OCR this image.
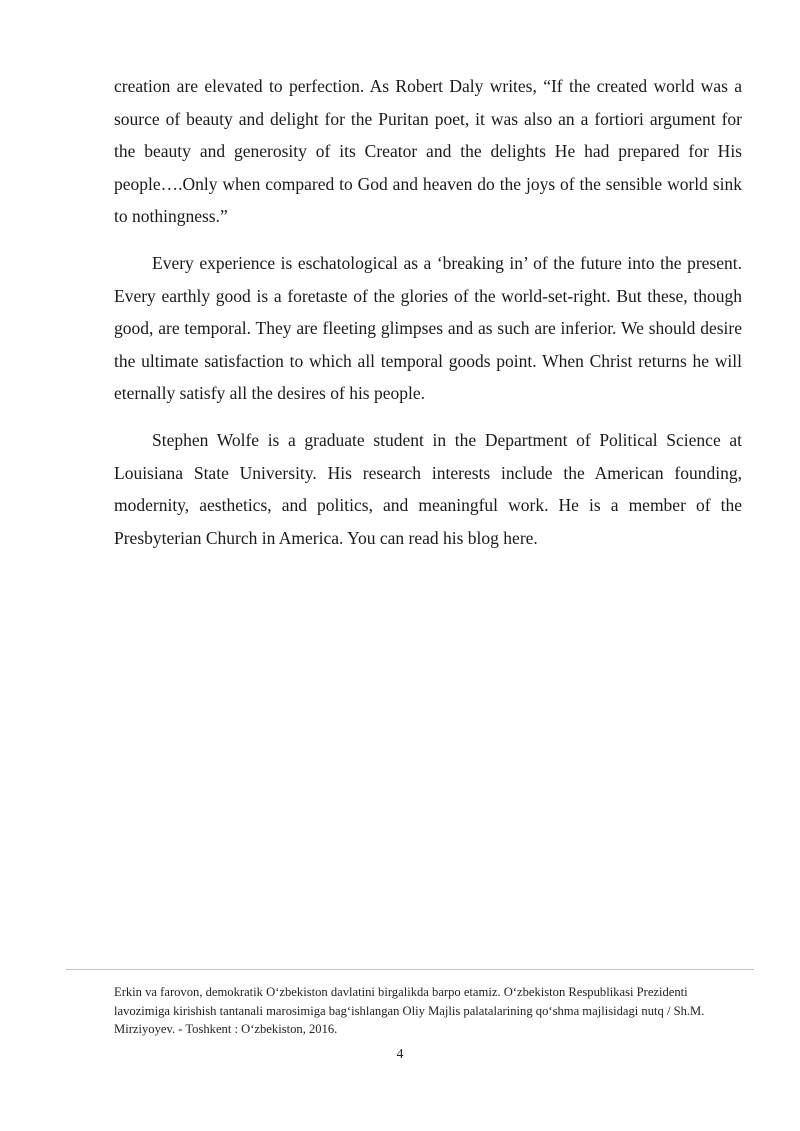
creation are elevated to perfection. As Robert Daly writes, “If the created world was a source of beauty and delight for the Puritan poet, it was also an a fortiori argument for the beauty and generosity of its Creator and the delights He had prepared for His people….Only when compared to God and heaven do the joys of the sensible world sink to nothingness.”

Every experience is eschatological as a ‘breaking in’ of the future into the present. Every earthly good is a foretaste of the glories of the world-set-right. But these, though good, are temporal. They are fleeting glimpses and as such are inferior. We should desire the ultimate satisfaction to which all temporal goods point. When Christ returns he will eternally satisfy all the desires of his people.

Stephen Wolfe is a graduate student in the Department of Political Science at Louisiana State University. His research interests include the American founding, modernity, aesthetics, and politics, and meaningful work. He is a member of the Presbyterian Church in America. You can read his blog here.

Erkin va farovon, demokratik O‘zbekiston davlatini birgalikda barpo etamiz. O‘zbekiston Respublikasi Prezidenti lavozimiga kirishish tantanali marosimiga bag‘ishlangan Oliy Majlis palatalarining qo‘shma majlisidagi nutq / Sh.M. Mirziyoyev. - Toshkent : O‘zbekiston, 2016.
4
